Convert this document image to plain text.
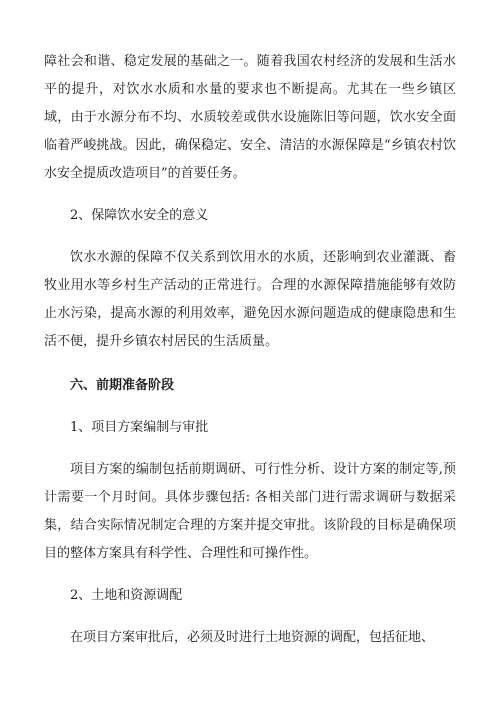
障社会和谐、稳定发展的基础之一。随着我国农村经济的发展和生活水平的提升，对饮水水质和水量的要求也不断提高。尤其在一些乡镇区域，由于水源分布不均、水质较差或供水设施陈旧等问题，饮水安全面临着严峻挑战。因此，确保稳定、安全、清洁的水源保障是“乡镇农村饮水安全提质改造项目”的首要任务。

2、保障饮水安全的意义

饮水水源的保障不仅关系到饮用水的水质，还影响到农业灌溉、畜牧业用水等乡村生产活动的正常进行。合理的水源保障措施能够有效防止水污染，提高水源的利用效率，避免因水源问题造成的健康隐患和生活不便，提升乡镇农村居民的生活质量。

六、前期准备阶段

1、项目方案编制与审批

项目方案的编制包括前期调研、可行性分析、设计方案的制定等,预计需要一个月时间。具体步骤包括: 各相关部门进行需求调研与数据采集，结合实际情况制定合理的方案并提交审批。该阶段的目标是确保项目的整体方案具有科学性、合理性和可操作性。

2、土地和资源调配

在项目方案审批后，必须及时进行土地资源的调配，包括征地、
